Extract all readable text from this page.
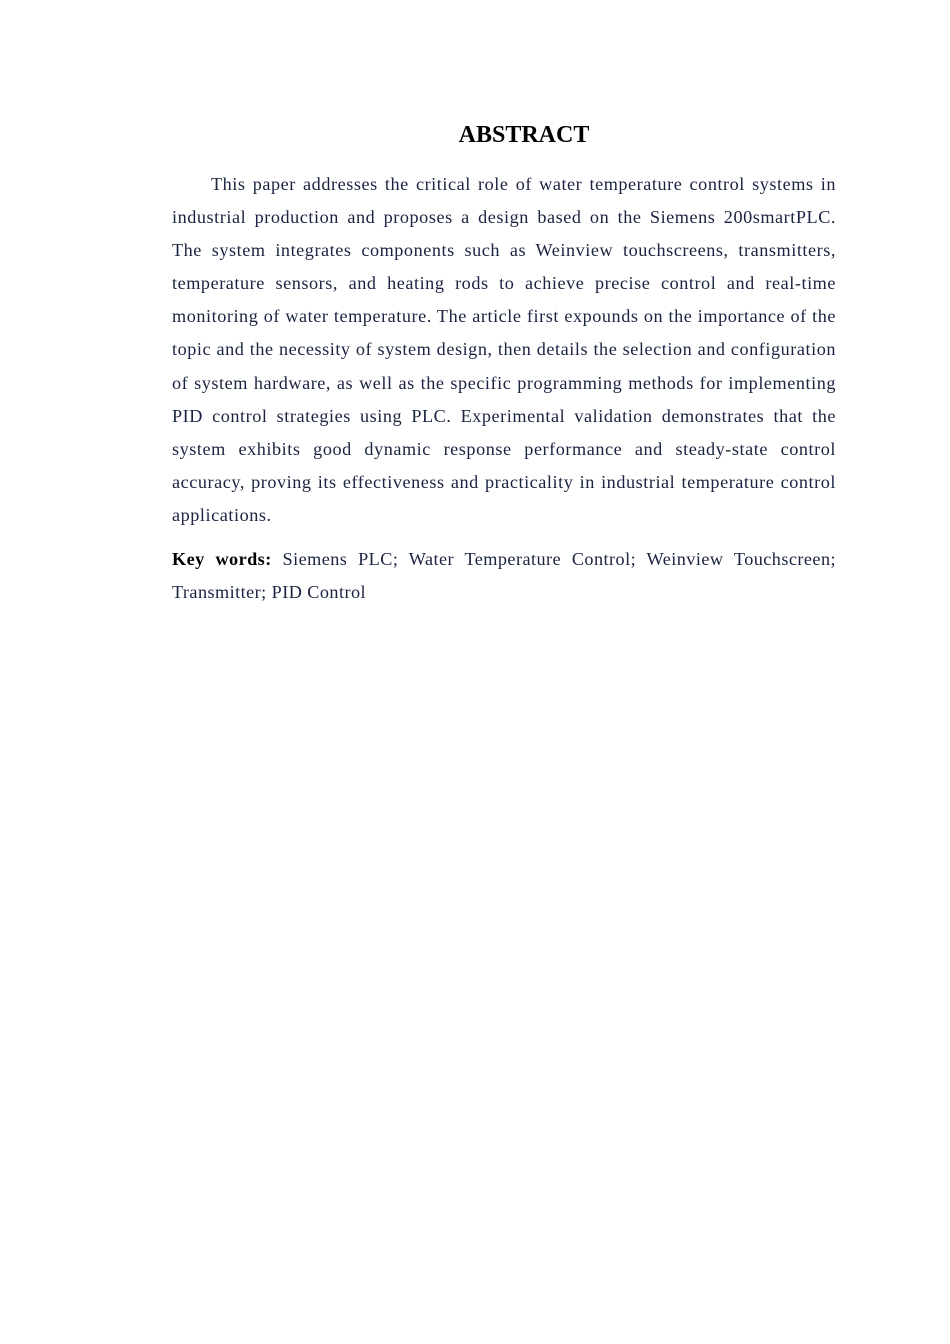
ABSTRACT

This paper addresses the critical role of water temperature control systems in industrial production and proposes a design based on the Siemens 200smartPLC. The system integrates components such as Weinview touchscreens, transmitters, temperature sensors, and heating rods to achieve precise control and real-time monitoring of water temperature. The article first expounds on the importance of the topic and the necessity of system design, then details the selection and configuration of system hardware, as well as the specific programming methods for implementing PID control strategies using PLC. Experimental validation demonstrates that the system exhibits good dynamic response performance and steady-state control accuracy, proving its effectiveness and practicality in industrial temperature control applications.

Key words: Siemens PLC; Water Temperature Control; Weinview Touchscreen; Transmitter; PID Control
